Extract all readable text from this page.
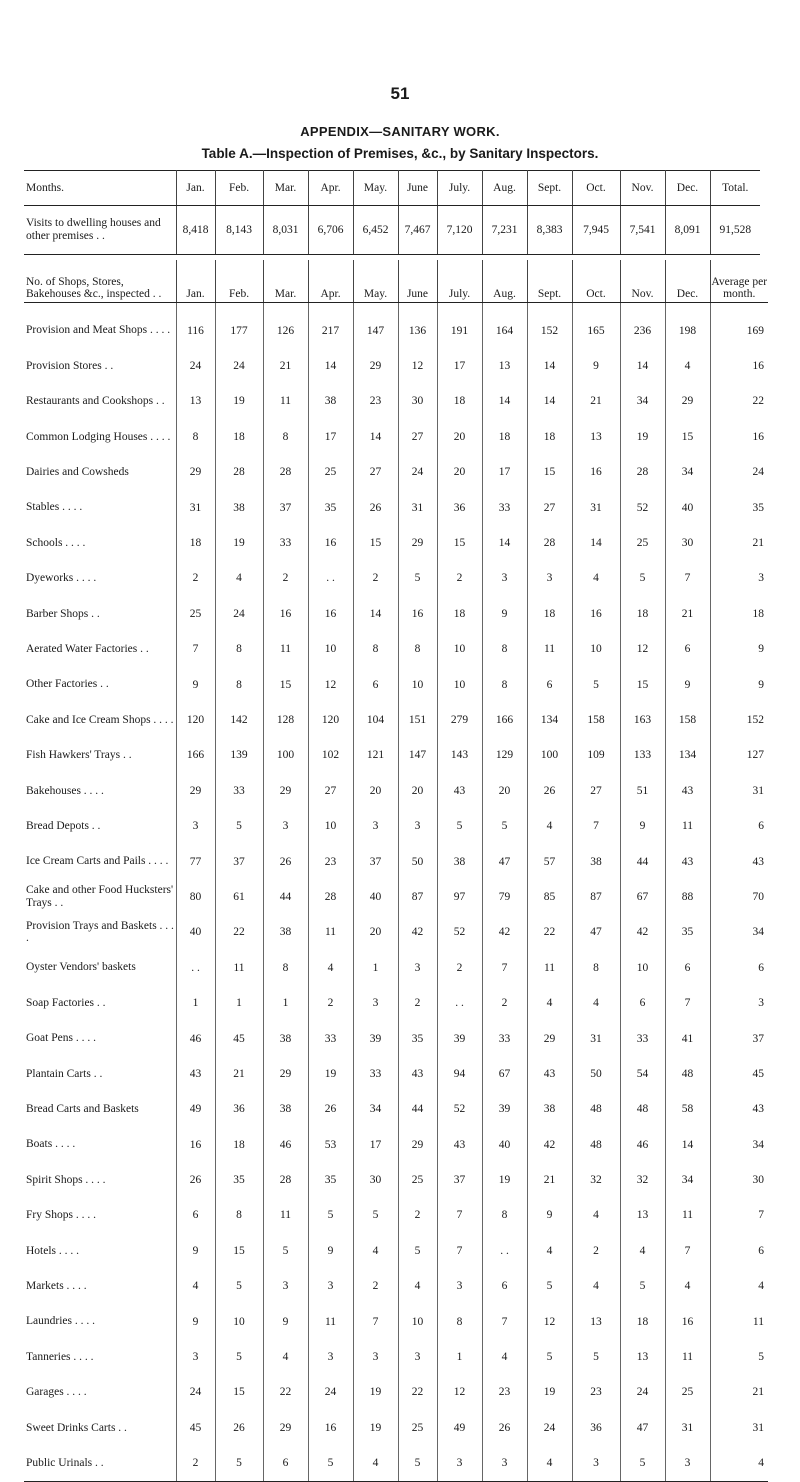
51
APPENDIX—SANITARY WORK.
Table A.—Inspection of Premises, &c., by Sanitary Inspectors.
Months.	Jan.	Feb.	Mar.	Apr.	May.	June	July.	Aug.	Sept.	Oct.	Nov.	Dec.	Total.
Visits to dwelling houses and other premises . .	8,418	8,143	8,031	6,706	6,452	7,467	7,120	7,231	8,383	7,945	7,541	8,091	91,528
No. of Shops, Stores, Bakehouses &c., inspected . .	Jan.	Feb.	Mar.	Apr.	May.	June	July.	Aug.	Sept.	Oct.	Nov.	Dec.	Average per month.

Provision and Meat Shops . . . .	116	177	126	217	147	136	191	164	152	165	236	198	169
Provision Stores . .	24	24	21	14	29	12	17	13	14	9	14	4	16
Restaurants and Cookshops . .	13	19	11	38	23	30	18	14	14	21	34	29	22
Common Lodging Houses . . . .	8	18	8	17	14	27	20	18	18	13	19	15	16
Dairies and Cowsheds	29	28	28	25	27	24	20	17	15	16	28	34	24
Stables . . . .	31	38	37	35	26	31	36	33	27	31	52	40	35
Schools . . . .	18	19	33	16	15	29	15	14	28	14	25	30	21
Dyeworks . . . .	2	4	2	. .	2	5	2	3	3	4	5	7	3
Barber Shops . .	25	24	16	16	14	16	18	9	18	16	18	21	18
Aerated Water Factories . .	7	8	11	10	8	8	10	8	11	10	12	6	9
Other Factories . .	9	8	15	12	6	10	10	8	6	5	15	9	9
Cake and Ice Cream Shops . . . .	120	142	128	120	104	151	279	166	134	158	163	158	152
Fish Hawkers' Trays . .	166	139	100	102	121	147	143	129	100	109	133	134	127
Bakehouses . . . .	29	33	29	27	20	20	43	20	26	27	51	43	31
Bread Depots . .	3	5	3	10	3	3	5	5	4	7	9	11	6
Ice Cream Carts and Pails . . . .	77	37	26	23	37	50	38	47	57	38	44	43	43
Cake and other Food Hucksters' Trays . .	80	61	44	28	40	87	97	79	85	87	67	88	70
Provision Trays and Baskets . . . .	40	22	38	11	20	42	52	42	22	47	42	35	34
Oyster Vendors' baskets	. .	11	8	4	1	3	2	7	11	8	10	6	6
Soap Factories . .	1	1	1	2	3	2	. .	2	4	4	6	7	3
Goat Pens . . . .	46	45	38	33	39	35	39	33	29	31	33	41	37
Plantain Carts . .	43	21	29	19	33	43	94	67	43	50	54	48	45
Bread Carts and Baskets	49	36	38	26	34	44	52	39	38	48	48	58	43
Boats . . . .	16	18	46	53	17	29	43	40	42	48	46	14	34
Spirit Shops . . . .	26	35	28	35	30	25	37	19	21	32	32	34	30
Fry Shops . . . .	6	8	11	5	5	2	7	8	9	4	13	11	7
Hotels . . . .	9	15	5	9	4	5	7	. .	4	2	4	7	6
Markets . . . .	4	5	3	3	2	4	3	6	5	4	5	4	4
Laundries . . . .	9	10	9	11	7	10	8	7	12	13	18	16	11
Tanneries . . . .	3	5	4	3	3	3	1	4	5	5	13	11	5
Garages . . . .	24	15	22	24	19	22	12	23	19	23	24	25	21
Sweet Drinks Carts . .	45	26	29	16	19	25	49	26	24	36	47	31	31
Public Urinals . .	2	5	6	5	4	5	3	3	4	3	5	3	4
